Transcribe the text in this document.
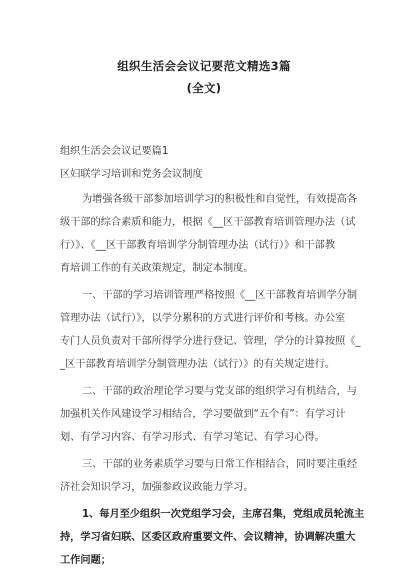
组织生活会会议记要范文精选3篇
(全文)
组织生活会会议记要篇1
区妇联学习培训和党务会议制度
为增强各级干部参加培训学习的积极性和自觉性，有效提高各
级干部的综合素质和能力，根据《__区干部教育培训管理办法（试
行）》、《__区干部教育培训学分制管理办法（试行）》和干部教
育培训工作的有关政策规定，制定本制度。
一、干部的学习培训管理严格按照《__区干部教育培训学分制
管理办法（试行）》，以学分累积的方式进行评价和考核。办公室
专门人员负责对干部所得学分进行登记、管理，学分的计算按照《_
_区干部教育培训学分制管理办法（试行）》的有关规定进行。
二、干部的政治理论学习要与党支部的组织学习有机结合，与
加强机关作风建设学习相结合，学习要做到“五个有”：有学习计
划、有学习内容、有学习形式、有学习笔记、有学习心得。
三、干部的业务素质学习要与日常工作相结合，同时要注重经
济社会知识学习，加强参政议政能力学习。
1、每月至少组织一次党组学习会，主席召集，党组成员轮流主
持，学习省妇联、区委区政府重要文件、会议精神，协调解决重大
工作问题；
